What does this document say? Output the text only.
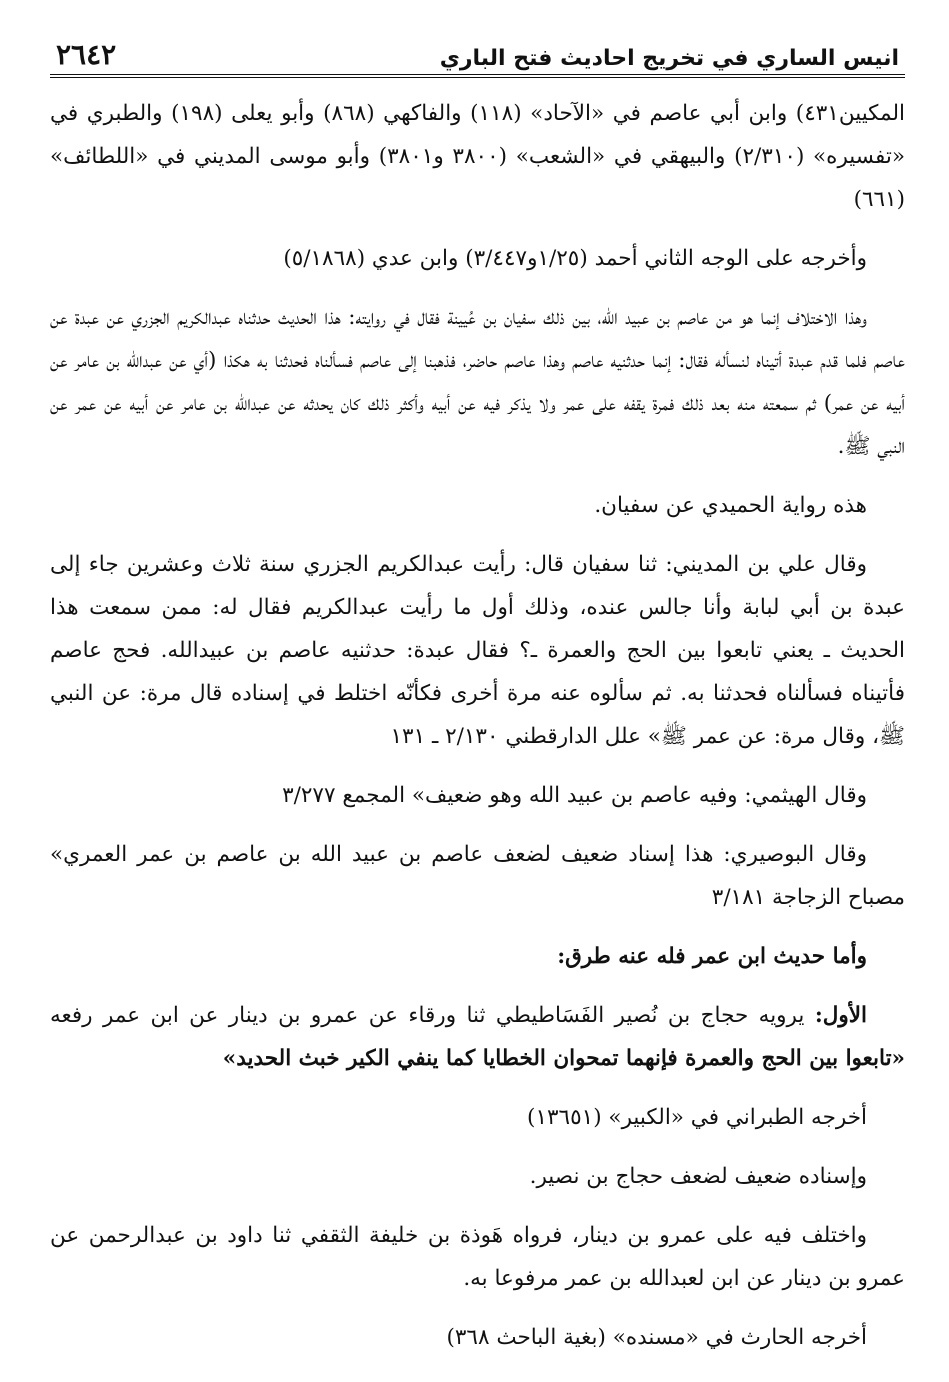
انيس الساري في تخريج احاديث فتح الباري
٢٦٤٢

المكيين٤٣١) وابن أبي عاصم في «الآحاد» (١١٨) والفاكهي (٨٦٨) وأبو يعلى (١٩٨) والطبري في «تفسيره» (٢/٣١٠) والبيهقي في «الشعب» (٣٨٠٠ و٣٨٠١) وأبو موسى المديني في «اللطائف» (٦٦١)

وأخرجه على الوجه الثاني أحمد (١/٢٥و٣/٤٤٧) وابن عدي (٥/١٨٦٨)

وهذا الاختلاف إنما هو من عاصم بن عبيد الله، بين ذلك سفيان بن عُيينة فقال في روايته: هذا الحديث حدثناه عبدالكريم الجزري عن عبدة عن عاصم فلما قدم عبدة أتيناه لنسأله فقال: إنما حدثنيه عاصم وهذا عاصم حاضر، فذهبنا إلى عاصم فسألناه فحدثنا به هكذا (أي عن عبدالله بن عامر عن أبيه عن عمر) ثم سمعته منه بعد ذلك فمرة يقفه على عمر ولا يذكر فيه عن أبيه وأكثر ذلك كان يحدثه عن عبدالله بن عامر عن أبيه عن عمر عن النبي ﷺ.

هذه رواية الحميدي عن سفيان.

وقال علي بن المديني: ثنا سفيان قال: رأيت عبدالكريم الجزري سنة ثلاث وعشرين جاء إلى عبدة بن أبي لبابة وأنا جالس عنده، وذلك أول ما رأيت عبدالكريم فقال له: ممن سمعت هذا الحديث ـ يعني تابعوا بين الحج والعمرة ـ؟ فقال عبدة: حدثنيه عاصم بن عبيدالله. فحج عاصم فأتيناه فسألناه فحدثنا به. ثم سألوه عنه مرة أخرى فكأنّه اختلط في إسناده قال مرة: عن النبي ﷺ، وقال مرة: عن عمر ﷺ» علل الدارقطني ٢/١٣٠ ـ ١٣١

وقال الهيثمي: وفيه عاصم بن عبيد الله وهو ضعيف» المجمع ٣/٢٧٧

وقال البوصيري: هذا إسناد ضعيف لضعف عاصم بن عبيد الله بن عاصم بن عمر العمري» مصباح الزجاجة ٣/١٨١

وأما حديث ابن عمر فله عنه طرق:

الأول: يرويه حجاج بن نُصير الفَسَاطيطي ثنا ورقاء عن عمرو بن دينار عن ابن عمر رفعه «تابعوا بين الحج والعمرة فإنهما تمحوان الخطايا كما ينفي الكير خبث الحديد»

أخرجه الطبراني في «الكبير» (١٣٦٥١)

وإسناده ضعيف لضعف حجاج بن نصير.

واختلف فيه على عمرو بن دينار، فرواه هَوذة بن خليفة الثقفي ثنا داود بن عبدالرحمن عن عمرو بن دينار عن ابن لعبدالله بن عمر مرفوعا به.

أخرجه الحارث في «مسنده» (بغية الباحث ٣٦٨)
